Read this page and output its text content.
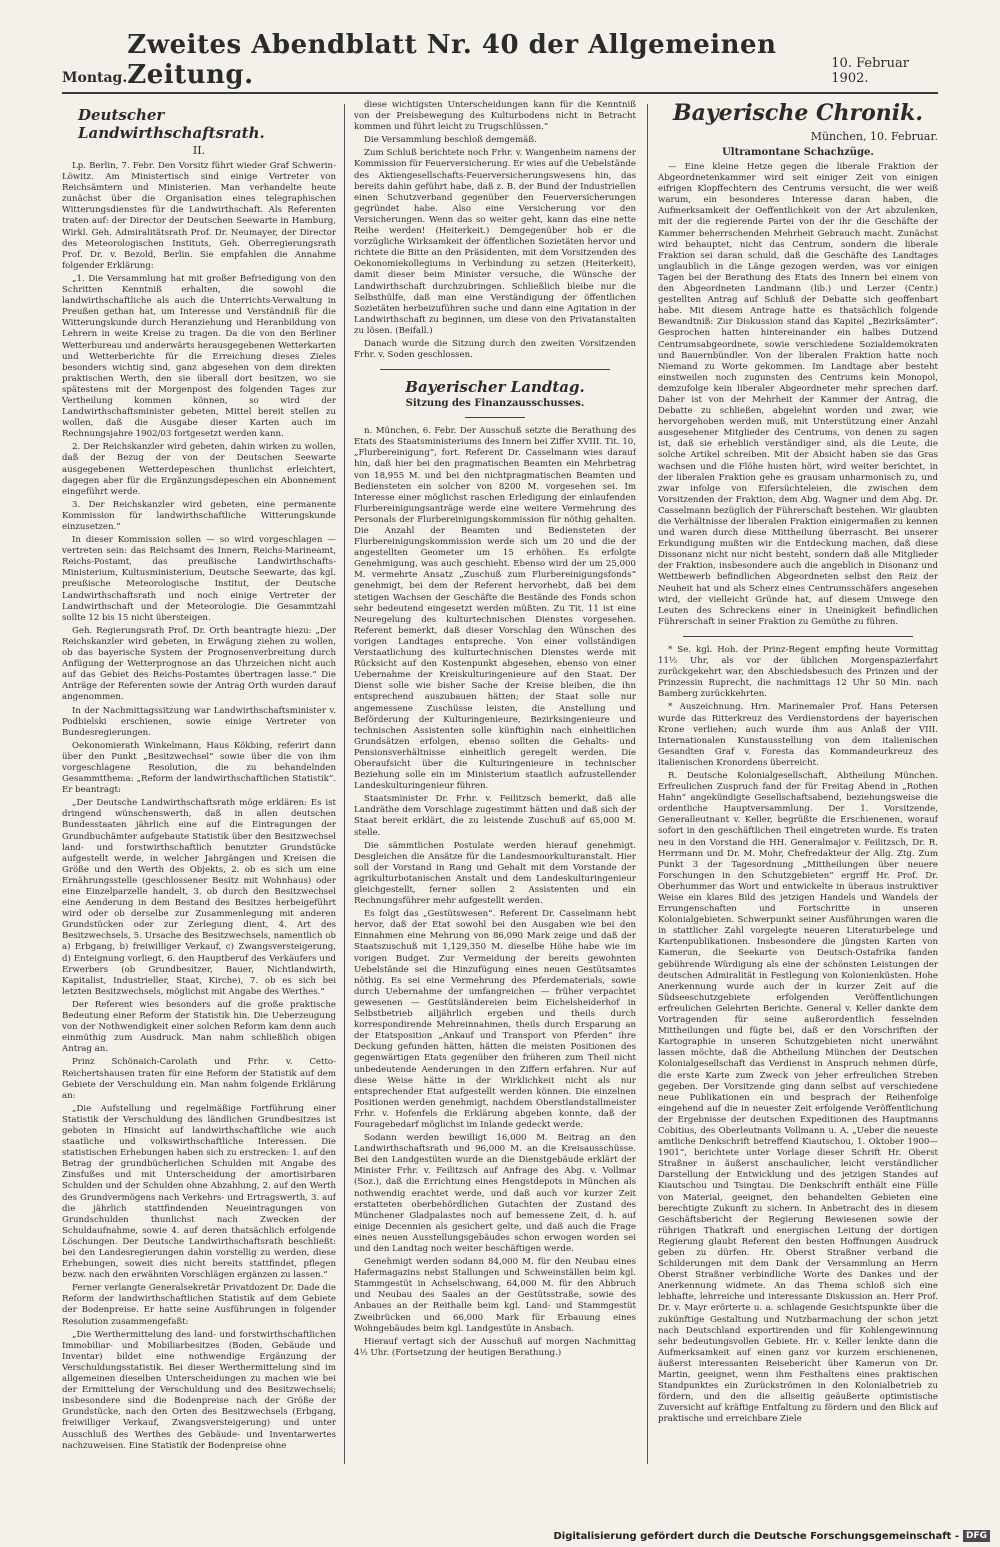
Montag.
Zweites Abendblatt Nr. 40 der Allgemeinen Zeitung.	10. Februar 1902.
Deutscher Landwirthschaftsrath.
II.

Lp. Berlin, 7. Febr. Den Vorsitz führt wieder Graf Schwerin-Löwitz. Am Ministertisch sind einige Vertreter von Reichsämtern und Ministerien. Man verhandelte heute zunächst über die Organisation eines telegraphischen Witterungsdienstes für die Landwirthschaft. Als Referenten traten auf: der Director der Deutschen Seewarte in Hamburg, Wirkl. Geh. Admiralitätsrath Prof. Dr. Neumayer, der Director des Meteorologischen Instituts, Geh. Oberregierungsrath Prof. Dr. v. Bezold, Berlin. Sie empfahlen die Annahme folgender Erklärung:

„1. Die Versammlung hat mit großer Befriedigung von den Schritten Kenntniß erhalten, die sowohl die landwirthschaftliche als auch die Unterrichts-Verwaltung in Preußen gethan hat, um Interesse und Verständniß für die Witterungskunde durch Heranziehung und Heranbildung von Lehrern in weite Kreise zu tragen. Da die von den Berliner Wetterbureau und anderwärts herausgegebenen Wetterkarten und Wetterberichte für die Erreichung dieses Zieles besonders wichtig sind, ganz abgesehen von dem direkten praktischen Werth, den sie überall dort besitzen, wo sie spätestens mit der Morgenpost des folgenden Tages zur Vertheilung kommen können, so wird der Landwirthschaftsminister gebeten, Mittel bereit stellen zu wollen, daß die Ausgabe dieser Karten auch im Rechnungsjahre 1902/03 fortgesetzt werden kann.

2. Der Reichskanzler wird gebeten, dahin wirken zu wollen, daß der Bezug der von der Deutschen Seewarte ausgegebenen Wetterdepeschen thunlichst erleichtert, dagegen aber für die Ergänzungsdepeschen ein Abonnement eingeführt werde.

3. Der Reichskanzler wird gebeten, eine permanente Kommission für landwirthschaftliche Witterungskunde einzusetzen.“

In dieser Kommission sollen — so wird vorgeschlagen — vertreten sein: das Reichsamt des Innern, Reichs-Marineamt, Reichs-Postamt, das preußische Landwirthschafts-Ministerium, Kultusministerium, Deutsche Seewarte, das kgl. preußische Meteorologische Institut, der Deutsche Landwirthschaftsrath und noch einige Vertreter der Landwirthschaft und der Meteorologie. Die Gesammtzahl sollte 12 bis 15 nicht übersteigen.

Geh. Regierungsrath Prof. Dr. Orth beantragte hiezu: „Der Reichskanzler wird gebeten, in Erwägung ziehen zu wollen, ob das bayerische System der Prognosenverbreitung durch Anfügung der Wetterprognose an das Uhrzeichen nicht auch auf das Gebiet des Reichs-Postamtes übertragen lasse.“ Die Anträge der Referenten sowie der Antrag Orth wurden darauf angenommen.

In der Nachmittagssitzung war Landwirthschaftsminister v. Podbielski erschienen, sowie einige Vertreter von Bundesregierungen.

Oekonomierath Winkelmann, Haus Kökbing, referirt dann über den Punkt „Besitzwechsel“ sowie über die von ihm vorgeschlagene Resolution, die zu behandelnden Gesammtthema: „Reform der landwirthschaftlichen Statistik“. Er beantragt:

„Der Deutsche Landwirthschaftsrath möge erklären: Es ist dringend wünschenswerth, daß in allen deutschen Bundesstaaten jährlich eine auf die Eintragungen der Grundbuchämter aufgebaute Statistik über den Besitzwechsel land- und forstwirthschaftlich benutzter Grundstücke aufgestellt werde, in welcher Jahrgängen und Kreisen die Größe und den Werth des Objekts, 2. ob es sich um eine Ernährungsstelle (geschlossener Besitz mit Wohnhaus) oder eine Einzelparzelle handelt, 3. ob durch den Besitzwechsel eine Aenderung in dem Bestand des Besitzes herbeigeführt wird oder ob derselbe zur Zusammenlegung mit anderen Grundstücken oder zur Zerlegung dient, 4. Art des Besitzwechsels, 5. Ursache des Besitzwechsels, namentlich ob a) Erbgang, b) freiwilliger Verkauf, c) Zwangsversteigerung, d) Enteignung vorliegt, 6. den Hauptberuf des Verkäufers und Erwerbers (ob Grundbesitzer, Bauer, Nichtlandwirth, Kapitalist, Industrieller, Staat, Kirche), 7. ob es sich bei letzten Besitzwechsels, möglichst mit Angabe des Werthes.“

Der Referent wies besonders auf die große praktische Bedeutung einer Reform der Statistik hin. Die Ueberzeugung von der Nothwendigkeit einer solchen Reform kam denn auch einmüthig zum Ausdruck. Man nahm schließlich obigen Antrag an.

Prinz Schönaich-Carolath und Frhr. v. Cetto-Reichertshausen traten für eine Reform der Statistik auf dem Gebiete der Verschuldung ein. Man nahm folgende Erklärung an:

„Die Aufstellung und regelmäßige Fortführung einer Statistik der Verschuldung des ländlichen Grundbesitzes ist geboten in Hinsicht auf landwirthschaftliche wie auch staatliche und volkswirthschaftliche Interessen. Die statistischen Erhebungen haben sich zu erstrecken: 1. auf den Betrag der grundbücherlichen Schulden mit Angabe des Zinsfußes und mit Unterscheidung der amortisirbaren Schulden und der Schulden ohne Abzahlung, 2. auf den Werth des Grundvermögens nach Verkehrs- und Ertragswerth, 3. auf die jährlich stattfindenden Neueintragungen von Grundschulden thunlichst nach Zwecken der Schuldaufnahme, sowie 4. auf deren thatsächlich erfolgende Löschungen. Der Deutsche Landwirthschaftsrath beschließt: bei den Landesregierungen dahin vorstellig zu werden, diese Erhebungen, soweit dies nicht bereits stattfindet, pflegen bezw. nach den erwähnten Vorschlägen ergänzen zu lassen.“

Ferner verlangte Generalsekretär Privatdozent Dr. Dade die Reform der landwirthschaftlichen Statistik auf dem Gebiete der Bodenpreise. Er hatte seine Ausführungen in folgender Resolution zusammengefaßt:

„Die Werthermittelung des land- und forstwirthschaftlichen Immobiliar- und Mobiliarbesitzes (Boden, Gebäude und Inventar) bildet eine nothwendige Ergänzung der Verschuldungsstatistik. Bei dieser Werthermittelung sind im allgemeinen dieselben Unterscheidungen zu machen wie bei der Ermittelung der Verschuldung und des Besitzwechsels; insbesondere sind die Bodenpreise nach der Größe der Grundstücke, nach den Orten des Besitzwechsels (Erbgang, freiwilliger Verkauf, Zwangsversteigerung) und unter Ausschluß des Werthes des Gebäude- und Inventarwertes nachzuweisen. Eine Statistik der Bodenpreise ohne

diese wichtigsten Unterscheidungen kann für die Kenntniß von der Preisbewegung des Kulturbodens nicht in Betracht kommen und führt leicht zu Trugschlüssen.“

Die Versammlung beschloß demgemäß.

Zum Schluß berichtete noch Frhr. v. Wangenheim namens der Kommission für Feuerversicherung. Er wies auf die Uebelstände des Aktiengesellschafts-Feuerversicherungswesens hin, das bereits dahin geführt habe, daß z. B. der Bund der Industriellen einen Schutzverband gegenüber den Feuerversicherungen gegründet habe. Also eine Versicherung vor den Versicherungen. Wenn das so weiter geht, kann das eine nette Reihe werden! (Heiterkeit.) Demgegenüber hob er die vorzügliche Wirksamkeit der öffentlichen Sozietäten hervor und richtete die Bitte an den Präsidenten, mit dem Vorsitzenden des Oekonomiekollegiums in Verbindung zu setzen (Heiterkeit), damit dieser beim Minister versuche, die Wünsche der Landwirthschaft durchzubringen. Schließlich bleibe nur die Selbsthülfe, daß man eine Verständigung der öffentlichen Sozietäten herbeizuführen suche und dann eine Agitation in der Landwirthschaft zu beginnen, um diese von den Privatanstalten zu lösen. (Beifall.)

Danach wurde die Sitzung durch den zweiten Vorsitzenden Frhr. v. Soden geschlossen.

Bayerischer Landtag.
Sitzung des Finanzausschusses.

n. München, 6. Febr. Der Ausschuß setzte die Berathung des Etats des Staatsministeriums des Innern bei Ziffer XVIII. Tit. 10, „Flurbereinigung“, fort. Referent Dr. Casselmann wies darauf hin, daß hier bei den pragmatischen Beamten ein Mehrbetrag von 18,955 M. und bei den nichtpragmatischen Beamten und Bediensteten ein solcher von 8200 M. vorgesehen sei. Im Interesse einer möglichst raschen Erledigung der einlaufenden Flurbereinigungsanträge werde eine weitere Vermehrung des Personals der Flurbereinigungskommission für nöthig gehalten. Die Anzahl der Beamten und Bediensteten der Flurbereinigungskommission werde sich um 20 und die der angestellten Geometer um 15 erhöhen. Es erfolgte Genehmigung, was auch geschieht. Ebenso wird der um 25,000 M. vermehrte Ansatz „Zuschuß zum Flurbereinigungsfonds“ genehmigt, bei dem der Referent hervorhebt, daß bei dem stetigen Wachsen der Geschäfte die Bestände des Fonds schon sehr bedeutend eingesetzt werden müßten. Zu Tit. 11 ist eine Neuregelung des kulturtechnischen Dienstes vorgesehen. Referent bemerkt, daß dieser Vorschlag den Wünschen des vorigen Landtages entspreche. Von einer vollständigen Verstaatlichung des kulturtechnischen Dienstes werde mit Rücksicht auf den Kostenpunkt abgesehen, ebenso von einer Uebernahme der Kreiskulturingenieure auf den Staat. Der Dienst solle wie bisher Sache der Kreise bleiben, die ihn entsprechend auszubauen hätten; der Staat solle nur angemessene Zuschüsse leisten, die Anstellung und Beförderung der Kulturingenieure, Bezirksingenieure und technischen Assistenten solle künftighin nach einheitlichen Grundsätzen erfolgen, ebenso sollten die Gehalts- und Pensionsverhältnisse einheitlich geregelt werden. Die Oberaufsicht über die Kulturingenieure in technischer Beziehung solle ein im Ministerium staatlich aufzustellender Landeskulturingenieur führen.

Staatsminister Dr. Frhr. v. Feilitzsch bemerkt, daß alle Landräthe dem Vorschlage zugestimmt hätten und daß sich der Staat bereit erklärt, die zu leistende Zuschuß auf 65,000 M. stelle.

Die sämmtlichen Postulate werden hierauf genehmigt. Desgleichen die Ansätze für die Landesmoorkulturanstalt. Hier soll der Vorstand in Rang und Gehalt mit dem Vorstande der agrikulturbotanischen Anstalt und dem Landeskulturingenieur gleichgestellt, ferner sollen 2 Assistenten und ein Rechnungsführer mehr aufgestellt werden.

Es folgt das „Gestütswesen“. Referent Dr. Casselmann hebt hervor, daß der Etat sowohl bei den Ausgaben wie bei den Einnahmen eine Mehrung von 86,090 Mark zeige und daß der Staatszuschuß mit 1,129,350 M. dieselbe Höhe habe wie im vorigen Budget. Zur Vermeidung der bereits gewohnten Uebelstände sei die Hinzufügung eines neuen Gestütsamtes nöthig. Es sei eine Vermehrung des Pferdematerials, sowie durch Uebernahme der umfangreichen — früher verpachtet gewesenen — Gestütsländereien beim Eichelsheiderhof in Selbstbetrieb alljährlich ergeben und theils durch korrespondirende Mehreinnahmen, theils durch Ersparung an der Etatsposition „Ankauf und Transport von Pferden“ ihre Deckung gefunden hätten, hätten die meisten Positionen des gegenwärtigen Etats gegenüber den früheren zum Theil nicht unbedeutende Aenderungen in den Ziffern erfahren. Nur auf diese Weise hätte in der Wirklichkeit nicht als nur entsprechender Etat aufgestellt werden können. Die einzelnen Positionen werden genehmigt, nachdem Oberstlandstallmeister Frhr. v. Hofenfels die Erklärung abgeben konnte, daß der Fouragebedarf möglichst im Inlande gedeckt werde.

Sodann werden bewilligt 16,000 M. Beitrag an den Landwirthschaftsrath und 96,000 M. an die Kreisausschüsse. Bei den Landgestüten wurde an die Dienstgebäude erklärt der Minister Frhr. v. Feilitzsch auf Anfrage des Abg. v. Vollmar (Soz.), daß die Errichtung eines Hengstdepots in München als nothwendig erachtet werde, und daß auch vor kurzer Zeit erstatteten oberbehördlichen Gutachten der Zustand des Münchener Gladpalastes noch auf bemessene Zeit, d. h. auf einige Decennien als gesichert gelte, und daß auch die Frage eines neuen Ausstellungsgebäudes schon erwogen worden sei und den Landtag noch weiter beschäftigen werde.

Genehmigt werden sodann 84,000 M. für den Neubau eines Hafermagazins nebst Stallungen und Schweinställen beim kgl. Stammgestüt in Achselschwang, 64,000 M. für den Abbruch und Neubau des Saales an der Gestütsstraße, sowie des Anbaues an der Reithalle beim kgl. Land- und Stammgestüt Zweibrücken und 66,000 Mark für Erbauung eines Wohngebäudes beim kgl. Landgestüte in Ansbach.

Hierauf vertagt sich der Ausschuß auf morgen Nachmittag 4½ Uhr. (Fortsetzung der heutigen Berathung.)

Bayerische Chronik.
München, 10. Februar.
Ultramontane Schachzüge.

— Eine kleine Hetze gegen die liberale Fraktion der Abgeordnetenkammer wird seit einiger Zeit von einigen eifrigen Klopffechtern des Centrums versucht, die wer weiß warum, ein besonderes Interesse daran haben, die Aufmerksamkeit der Oeffentlichkeit von der Art abzulenken, mit der die regierende Partei von der ihr die Geschäfte der Kammer beherrschenden Mehrheit Gebrauch macht. Zunächst wird behauptet, nicht das Centrum, sondern die liberale Fraktion sei daran schuld, daß die Geschäfte des Landtages unglaublich in die Länge gezogen werden, was vor einigen Tagen bei der Berathung des Etats des Innern bei einem von den Abgeordneten Landmann (lib.) und Lerzer (Centr.) gestellten Antrag auf Schluß der Debatte sich geoffenbart habe. Mit diesem Antrage hatte es thatsächlich folgende Bewandtniß: Zur Diskussion stand das Kapitel „Bezirksämter“. Gesprochen hatten hintereinander ein halbes Dutzend Centrumsabgeordnete, sowie verschiedene Sozialdemokraten und Bauernbündler. Von der liberalen Fraktion hatte noch Niemand zu Worte gekommen. Im Landtage aber besteht einstweilen noch zugunsten des Centrums kein Monopol, demzufolge kein liberaler Abgeordneter mehr sprechen darf. Daher ist von der Mehrheit der Kammer der Antrag, die Debatte zu schließen, abgelehnt worden und zwar, wie hervorgehoben werden muß, mit Unterstützung einer Anzahl ausgesehener Mitglieder des Centrums, von denen zu sagen ist, daß sie erheblich verständiger sind, als die Leute, die solche Artikel schreiben. Mit der Absicht haben sie das Gras wachsen und die Flöhe husten hört, wird weiter berichtet, in der liberalen Fraktion gehe es grausam unharmonisch zu, und zwar infolge von Eifersüchteleien, die zwischen dem Vorsitzenden der Fraktion, dem Abg. Wagner und dem Abg. Dr. Casselmann bezüglich der Führerschaft bestehen. Wir glaubten die Verhältnisse der liberalen Fraktion einigermaßen zu kennen und waren durch diese Mittheilung überrascht. Bei unserer Erkundigung mußten wir die Entdeckung machen, daß diese Dissonanz nicht nur nicht besteht, sondern daß alle Mitglieder der Fraktion, insbesondere auch die angeblich in Disonanz und Wettbewerb befindlichen Abgeordneten selbst den Reiz der Neuheit hat und als Scherz eines Centrumsschäfers angesehen wird, der vielleicht Gründe hat, auf diesem Umwege den Leuten des Schreckens einer in Uneinigkeit befindlichen Führerschaft in seiner Fraktion zu Gemüthe zu führen.

* Se. kgl. Hoh. der Prinz-Regent empfing heute Vormittag 11½ Uhr, als vor der üblichen Morgenspazierfahrt zurückgekehrt war, den Abschiedsbesuch des Prinzen und der Prinzessin Ruprecht, die nachmittags 12 Uhr 50 Min. nach Bamberg zurückkehrten.

* Auszeichnung. Hrn. Marinemaler Prof. Hans Petersen wurde das Ritterkreuz des Verdienstordens der bayerischen Krone verliehen; auch wurde ihm aus Anlaß der VIII. Internationalen Kunstausstellung von dem italienischen Gesandten Graf v. Foresta das Kommandeurkreuz des italienischen Kronordens überreicht.

R. Deutsche Kolonialgesellschaft, Abtheilung München. Erfreulichen Zuspruch fand der für Freitag Abend in „Rothen Hahn“ angekündigte Gesellschaftsabend, beziehungsweise die ordentliche Hauptversammlung. Der 1. Vorsitzende, Generalleutnant v. Keller, begrüßte die Erschienenen, worauf sofort in den geschäftlichen Theil eingetreten wurde. Es traten neu in den Vorstand die HH. Generalmajor v. Feilitzsch, Dr. R. Herrmann und Dr. M. Mohr, Chefredakteur der Allg. Ztg. Zum Punkt 3 der Tagesordnung „Mittheilungen über neuere Forschungen in den Schutzgebieten“ ergriff Hr. Prof. Dr. Oberhummer das Wort und entwickelte in überaus instruktiver Weise ein klares Bild des jetzigen Handels und Wandels der Errungenschaften und Fortschritte in unseren Kolonialgebieten. Schwerpunkt seiner Ausführungen waren die in stattlicher Zahl vorgelegte neueren Literaturbelege und Kartenpublikationen. Insbesondere die jüngsten Karten von Kamerun, die Seekarte von Deutsch-Ostafrika fanden gebührende Würdigung als eine der schönsten Leistungen der deutschen Admiralität in Festlegung von Kolonienküsten. Hohe Anerkennung wurde auch der in kurzer Zeit auf die Südseeschutzgebiete erfolgenden Veröffentlichungen erfreulichen Gelehrten Berichte. General v. Keller dankte dem Vortragenden für seine außerordentlich fesselnden Mittheilungen und fügte bei, daß er den Vorschriften der Kartographie in unseren Schutzgebieten nicht unerwähnt lassen möchte, daß die Abtheilung München der Deutschen Kolonialgesellschaft das Verdienst in Anspruch nehmen dürfe, die erste Karte zum Zweck von jeher erfreulichen Streben gegeben. Der Vorsitzende ging dann selbst auf verschiedene neue Publikationen ein und besprach der Reihenfolge eingehend auf die in neuester Zeit erfolgende Veröffentlichung der Ergebnisse der deutschen Expeditionen des Hauptmanns Cobitius, des Oberleutnants Vollmann u. A. „Ueber die neueste amtliche Denkschrift betreffend Kiautschou, 1. Oktober 1900—1901“, berichtete unter Vorlage dieser Schrift Hr. Oberst Straßner in äußerst anschaulicher, leicht verständlicher Darstellung der Entwicklung und des jetzigen Standes auf Kiautschou und Tsingtau. Die Denkschrift enthält eine Fülle von Material, geeignet, den behandelten Gebieten eine berechtigte Zukunft zu sichern. In Anbetracht des in diesem Geschäftsbericht der Regierung Bewiesenen sowie der rührigen Thatkraft und energischen Leitung der dortigen Regierung glaubt Referent den besten Hoffnungen Ausdruck geben zu dürfen. Hr. Oberst Straßner verband die Schilderungen mit dem Dank der Versammlung an Herrn Oberst Straßner verbindliche Worte des Dankes und der Anerkennung widmete. An das Thema schloß sich eine lebhafte, lehrreiche und interessante Diskussion an. Herr Prof. Dr. v. Mayr erörterte u. a. schlagende Gesichtspunkte über die zukünftige Gestaltung und Nutzbarmachung der schon jetzt nach Deutschland exportirenden und für Kohlengewinnung sehr bedeutungsvollen Gebiete. Hr. v. Keller lenkte dann die Aufmerksamkeit auf einen ganz vor kurzem erschienenen, äußerst interessanten Reisebericht über Kamerun von Dr. Martin, geeignet, wenn ihm Festhaltens eines praktischen Standpunktes ein Zurückströmen in den Kolonialbetrieb zu fördern, und den die allseitig geäußerte optimistische Zuversicht auf kräftige Entfaltung zu fördern und den Blick auf praktische und erreichbare Ziele

Digitalisierung gefördert durch die Deutsche Forschungsgemeinschaft - DFG
